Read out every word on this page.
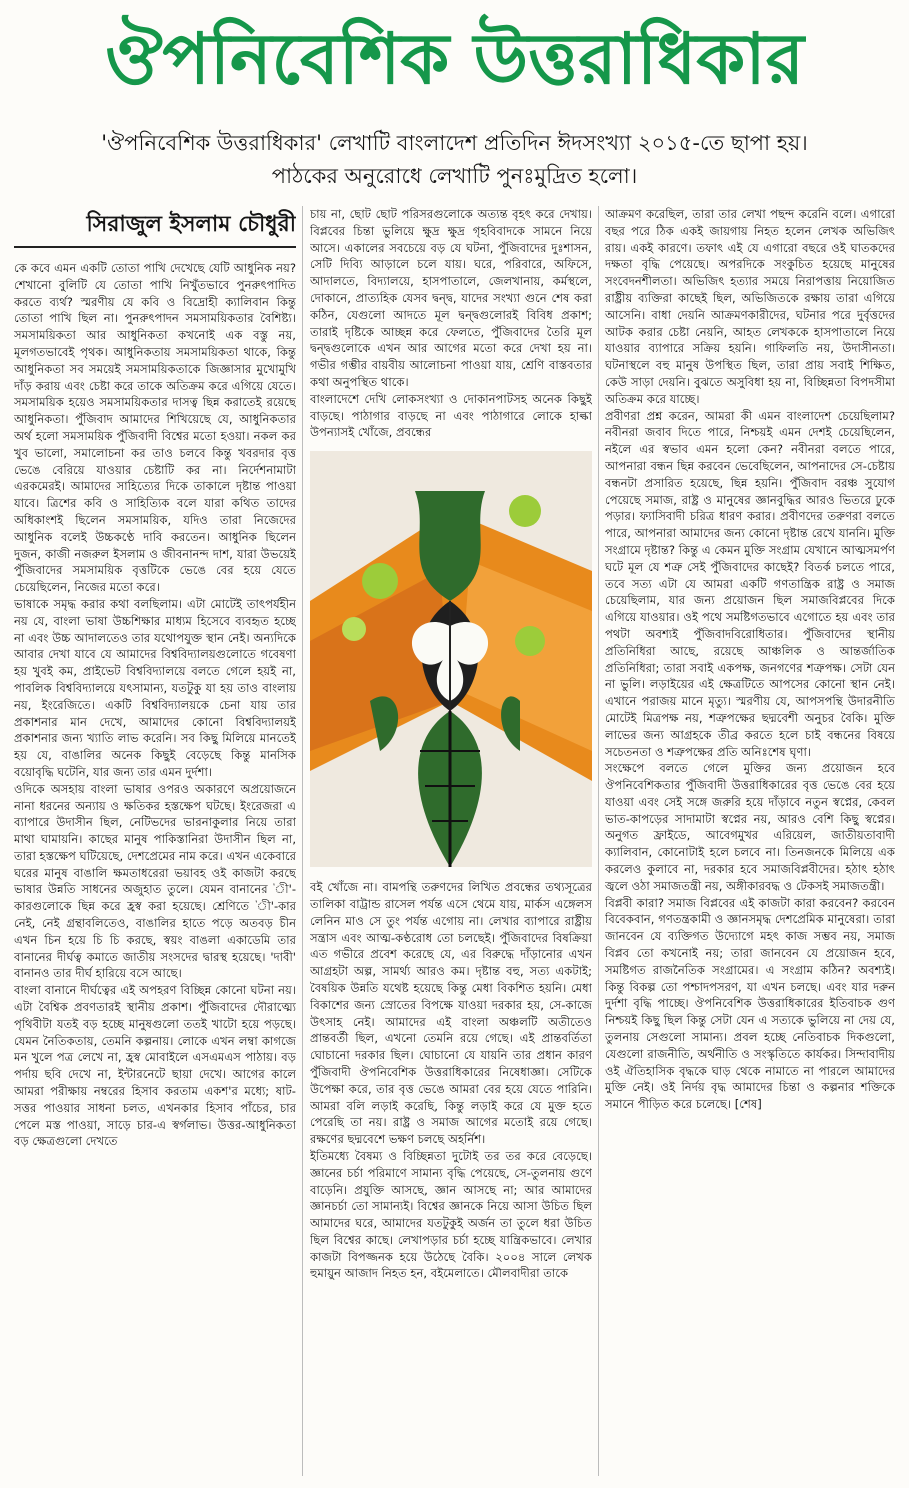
ঔপনিবেশিক উত্তরাধিকার
'ঔপনিবেশিক উত্তরাধিকার' লেখাটি বাংলাদেশ প্রতিদিন ঈদসংখ্যা ২০১৫-তে ছাপা হয়।
পাঠকের অনুরোধে লেখাটি পুনঃমুদ্রিত হলো।
সিরাজুল ইসলাম চৌধুরী

কে কবে এমন একটি তোতা পাখি দেখেছে যেটি আধুনিক নয়? শেখানো বুলিটি যে তোতা পাখি নিখুঁতভাবে পুনরুৎপাদিত করতে ব্যর্থ? স্মরণীয় যে কবি ও বিদ্রোহী ক্যালিবান কিন্তু তোতা পাখি ছিল না। পুনরুৎপাদন সমসাময়িকতার বৈশিষ্ট্য। সমসাময়িকতা আর আধুনিকতা কখনোই এক বস্তু নয়, মূলগতভাবেই পৃথক। আধুনিকতায় সমসাময়িকতা থাকে, কিন্তু আধুনিকতা সব সময়েই সমসাময়িকতাকে জিজ্ঞাসার মুখোমুখি দাঁড় করায় এবং চেষ্টা করে তাকে অতিক্রম করে এগিয়ে যেতে। সমসাময়িক হয়েও সমসাময়িকতার দাসত্ব ছিন্ন করাতেই রয়েছে আধুনিকতা। পুঁজিবাদ আমাদের শিখিয়েছে যে, আধুনিকতার অর্থ হলো সমসাময়িক পুঁজিবাদী বিশ্বের মতো হওয়া। নকল কর খুব ভালো, সমালোচনা কর তাও চলবে কিন্তু খবরদার বৃত্ত ভেঙে বেরিয়ে যাওয়ার চেষ্টাটি কর না। নির্দেশনামাটা এরকমেরই। আমাদের সাহিত্যের দিকে তাকালে দৃষ্টান্ত পাওয়া যাবে। ত্রিশের কবি ও সাহিত্যিক বলে যারা কথিত তাদের অধিকাংশই ছিলেন সমসাময়িক, যদিও তারা নিজেদের আধুনিক বলেই উচ্চকণ্ঠে দাবি করতেন। আধুনিক ছিলেন দুজন, কাজী নজরুল ইসলাম ও জীবনানন্দ দাশ, যারা উভয়েই পুঁজিবাদের সমসাময়িক বৃত্তটিকে ভেঙে বের হয়ে যেতে চেয়েছিলেন, নিজের মতো করে।

ভাষাকে সমৃদ্ধ করার কথা বলছিলাম। এটা মোটেই তাৎপর্যহীন নয় যে, বাংলা ভাষা উচ্চশিক্ষার মাধ্যম হিসেবে ব্যবহৃত হচ্ছে না এবং উচ্চ আদালতেও তার যথোপযুক্ত স্থান নেই। অন্যদিকে আবার দেখা যাবে যে আমাদের বিশ্ববিদ্যালয়গুলোতে গবেষণা হয় খুবই কম, প্রাইভেট বিশ্ববিদ্যালয়ে বলতে গেলে হয়ই না, পাবলিক বিশ্ববিদ্যালয়ে যৎসামান্য, যতটুকু যা হয় তাও বাংলায় নয়, ইংরেজিতে। একটি বিশ্ববিদ্যালয়কে চেনা যায় তার প্রকাশনার মান দেখে, আমাদের কোনো বিশ্ববিদ্যালয়ই প্রকাশনার জন্য খ্যাতি লাভ করেনি। সব কিছু মিলিয়ে মানতেই হয় যে, বাঙালির অনেক কিছুই বেড়েছে কিন্তু মানসিক বয়োবৃদ্ধি ঘটেনি, যার জন্য তার এমন দুর্দশা।

ওদিকে অসহায় বাংলা ভাষার ওপরও অকারণে অপ্রয়োজনে নানা ধরনের অন্যায় ও ক্ষতিকর হস্তক্ষেপ ঘটছে। ইংরেজরা এ ব্যাপারে উদাসীন ছিল, নেটিভদের ভারনাকুলার নিয়ে তারা মাথা ঘামায়নি। কাছের মানুষ পাকিস্তানিরা উদাসীন ছিল না, তারা হস্তক্ষেপ ঘটিয়েছে, দেশপ্রেমের নাম করে। এখন একেবারে ঘরের মানুষ বাঙালি ক্ষমতাধরেরা ভয়াবহ ওই কাজটা করছে ভাষার উন্নতি সাধনের অজুহাত তুলে। যেমন বানানের 'ী'-কারগুলোকে ছিন্ন করে হ্রস্ব করা হয়েছে। শ্রেণিতে 'ী'-কার নেই, নেই গ্রন্থাবলিতেও, বাঙালির হাতে পড়ে অতবড় চীন এখন চিন হয়ে চি চি করছে, স্বয়ং বাঙলা একাডেমি তার বানানের দীর্ঘত্ব কমাতে জাতীয় সংসদের দ্বারস্থ হয়েছে। 'দাবী' বানানও তার দীর্ঘ হারিয়ে বসে আছে।

বাংলা বানানে দীর্ঘত্বের এই অপহরণ বিচ্ছিন্ন কোনো ঘটনা নয়। এটা বৈশ্বিক প্রবণতারই স্থানীয় প্রকাশ। পুঁজিবাদের দৌরাত্ম্যে পৃথিবীটা যতই বড় হচ্ছে মানুষগুলো ততই খাটো হয়ে পড়ছে। যেমন নৈতিকতায়, তেমনি কল্পনায়। লোকে এখন লম্বা কাগজে মন খুলে পত্র লেখে না, হ্রস্ব মোবাইলে এসএমএস পাঠায়। বড় পর্দায় ছবি দেখে না, ইন্টারনেটে ছায়া দেখে। আগের কালে আমরা পরীক্ষায় নম্বরের হিসাব করতাম একশ'র মধ্যে; ষাট-সত্তর পাওয়ার সাধনা চলত, এখনকার হিসাব পাঁচের, চার পেলে মস্ত পাওয়া, সাড়ে চার-এ স্বর্গলাভ। উত্তর-আধুনিকতা বড় ক্ষেত্রগুলো দেখতে

চায় না, ছোট ছোট পরিসরগুলোকে অত্যন্ত বৃহৎ করে দেখায়। বিপ্লবের চিন্তা ভুলিয়ে ক্ষুদ্র ক্ষুদ্র গৃহবিবাদকে সামনে নিয়ে আসে। একালের সবচেয়ে বড় যে ঘটনা, পুঁজিবাদের দুঃশাসন, সেটি দিব্যি আড়ালে চলে যায়। ঘরে, পরিবারে, অফিসে, আদালতে, বিদ্যালয়ে, হাসপাতালে, জেলখানায়, কর্মস্থলে, দোকানে, প্রাত্যহিক যেসব দ্বন্দ্ব, যাদের সংখ্যা গুনে শেষ করা কঠিন, যেগুলো আদতে মূল দ্বন্দ্বগুলোরই বিবিধ প্রকাশ; তারাই দৃষ্টিকে আচ্ছন্ন করে ফেলতে, পুঁজিবাদের তৈরি মূল দ্বন্দ্বগুলোকে এখন আর আগের মতো করে দেখা হয় না। গভীর গম্ভীর বায়বীয় আলোচনা পাওয়া যায়, শ্রেণি বাস্তবতার কথা অনুপস্থিত থাকে।

বাংলাদেশে দেখি লোকসংখ্যা ও দোকানপাটসহ অনেক কিছুই বাড়ছে। পাঠাগার বাড়ছে না এবং পাঠাগারে লোকে হাল্কা উপন্যাসই খোঁজে, প্রবন্ধের

বই খোঁজে না। বামপন্থি তরুণদের লিখিত প্রবন্ধের তথ্যসূত্রের তালিকা বাট্রান্ড রাসেল পর্যন্ত এসে থেমে যায়, মার্কস এঙ্গেলস লেনিন মাও সে তুং পর্যন্ত এগোয় না। লেখার ব্যাপারে রাষ্ট্রীয় সন্ত্রাস এবং আত্ম-কণ্ঠরোধ তো চলছেই। পুঁজিবাদের বিষক্রিয়া এত গভীরে প্রবেশ করেছে যে, এর বিরুদ্ধে দাঁড়ানোর এখন আগ্রহটা অল্প, সামর্থ্য আরও কম। দৃষ্টান্ত বহু, সত্য একটাই; বৈষয়িক উন্নতি যথেষ্ট হয়েছে কিন্তু মেধা বিকশিত হয়নি। মেধা বিকাশের জন্য স্রোতের বিপক্ষে যাওয়া দরকার হয়, সে-কাজে উৎসাহ নেই। আমাদের এই বাংলা অঞ্চলটি অতীতেও প্রান্তবর্তী ছিল, এখনো তেমনি রয়ে গেছে। এই প্রান্তবর্তিতা ঘোচানো দরকার ছিল। ঘোচানো যে যায়নি তার প্রধান কারণ পুঁজিবাদী ঔপনিবেশিক উত্তরাধিকারের নিষেধাজ্ঞা। সেটিকে উপেক্ষা করে, তার বৃত্ত ভেঙে আমরা বের হয়ে যেতে পারিনি। আমরা বলি লড়াই করেছি, কিন্তু লড়াই করে যে মুক্ত হতে পেরেছি তা নয়। রাষ্ট্র ও সমাজ আগের মতোই রয়ে গেছে। রক্ষণের ছদ্মবেশে ভক্ষণ চলছে অহর্নিশ।

ইতিমধ্যে বৈষম্য ও বিচ্ছিন্নতা দুটোই তর তর করে বেড়েছে। জ্ঞানের চর্চা পরিমাণে সামান্য বৃদ্ধি পেয়েছে, সে-তুলনায় গুণে বাড়েনি। প্রযুক্তি আসছে, জ্ঞান আসছে না; আর আমাদের জ্ঞানচর্চা তো সামান্যই। বিশ্বের জ্ঞানকে নিয়ে আসা উচিত ছিল আমাদের ঘরে, আমাদের যতটুকুই অর্জন তা তুলে ধরা উচিত ছিল বিশ্বের কাছে। লেখাপড়ার চর্চা হচ্ছে যান্ত্রিকভাবে। লেখার কাজটা বিপজ্জনক হয়ে উঠেছে বৈকি। ২০০৪ সালে লেখক হুমায়ুন আজাদ নিহত হন, বইমেলাতে। মৌলবাদীরা তাকে

আক্রমণ করেছিল, তারা তার লেখা পছন্দ করেনি বলে। এগারো বছর পরে ঠিক একই জায়গায় নিহত হলেন লেখক অভিজিৎ রায়। একই কারণে। তফাৎ এই যে এগারো বছরে ওই ঘাতকদের দক্ষতা বৃদ্ধি পেয়েছে। অপরদিকে সংকুচিত হয়েছে মানুষের সংবেদনশীলতা। অভিজিৎ হত্যার সময়ে নিরাপত্তায় নিয়োজিত রাষ্ট্রীয় ব্যক্তিরা কাছেই ছিল, অভিজিতকে রক্ষায় তারা এগিয়ে আসেনি। বাধা দেয়নি আক্রমণকারীদের, ঘটনার পরে দুর্বৃত্তদের আটক করার চেষ্টা নেয়নি, আহত লেখককে হাসপাতালে নিয়ে যাওয়ার ব্যাপারে সক্রিয় হয়নি। গাফিলতি নয়, উদাসীনতা। ঘটনাস্থলে বহু মানুষ উপস্থিত ছিল, তারা প্রায় সবাই শিক্ষিত, কেউ সাড়া দেয়নি। বুঝতে অসুবিধা হয় না, বিচ্ছিন্নতা বিপদসীমা অতিক্রম করে যাচ্ছে।

প্রবীণরা প্রশ্ন করেন, আমরা কী এমন বাংলাদেশ চেয়েছিলাম? নবীনরা জবাব দিতে পারে, নিশ্চয়ই এমন দেশই চেয়েছিলেন, নইলে এর স্বভাব এমন হলো কেন? নবীনরা বলতে পারে, আপনারা বন্ধন ছিন্ন করবেন ভেবেছিলেন, আপনাদের সে-চেষ্টায় বন্ধনটা প্রসারিত হয়েছে, ছিন্ন হয়নি। পুঁজিবাদ বরঞ্চ সুযোগ পেয়েছে সমাজ, রাষ্ট্র ও মানুষের জ্ঞানবুদ্ধির আরও ভিতরে ঢুকে পড়ার। ফ্যাসিবাদী চরিত্র ধারণ করার। প্রবীণদের তরুণরা বলতে পারে, আপনারা আমাদের জন্য কোনো দৃষ্টান্ত রেখে যাননি। মুক্তি সংগ্রামে দৃষ্টান্ত? কিন্তু এ কেমন মুক্তি সংগ্রাম যেখানে আত্মসমর্পণ ঘটে মূল যে শত্রু সেই পুঁজিবাদের কাছেই? বিতর্ক চলতে পারে, তবে সত্য এটা যে আমরা একটি গণতান্ত্রিক রাষ্ট্র ও সমাজ চেয়েছিলাম, যার জন্য প্রয়োজন ছিল সমাজবিপ্লবের দিকে এগিয়ে যাওয়ার। ওই পথে সমষ্টিগতভাবে এগোতে হয় এবং তার পথটা অবশ্যই পুঁজিবাদবিরোধিতার। পুঁজিবাদের স্থানীয় প্রতিনিধিরা আছে, রয়েছে আঞ্চলিক ও আন্তর্জাতিক প্রতিনিধিরা; তারা সবাই একপক্ষ, জনগণের শত্রুপক্ষ। সেটা যেন না ভুলি। লড়াইয়ের এই ক্ষেত্রটিতে আপসের কোনো স্থান নেই। এখানে পরাজয় মানে মৃত্যু। স্মরণীয় যে, আপসপন্থি উদারনীতি মোটেই মিত্রপক্ষ নয়, শত্রুপক্ষের ছদ্মবেশী অনুচর বৈকি। মুক্তি লাভের জন্য আগ্রহকে তীব্র করতে হলে চাই বন্ধনের বিষয়ে সচেতনতা ও শত্রুপক্ষের প্রতি অনিঃশেষ ঘৃণা।

সংক্ষেপে বলতে গেলে মুক্তির জন্য প্রয়োজন হবে ঔপনিবেশিকতার পুঁজিবাদী উত্তরাধিকারের বৃত্ত ভেঙে বের হয়ে যাওয়া এবং সেই সঙ্গে জরুরি হয়ে দাঁড়াবে নতুন স্বপ্নের, কেবল ভাত-কাপড়ের সাদামাটা স্বপ্নের নয়, আরও বেশি কিছু স্বপ্নের। অনুগত ফ্রাইডে, আবেগমুখর এরিয়েল, জাতীয়তাবাদী ক্যালিবান, কোনোটাই হলে চলবে না। তিনজনকে মিলিয়ে এক করলেও কুলাবে না, দরকার হবে সমাজবিপ্লবীদের। হঠাৎ হঠাৎ জ্বলে ওঠা সমাজতন্ত্রী নয়, অঙ্গীকারবদ্ধ ও টেকসই সমাজতন্ত্রী।

বিপ্লবী কারা? সমাজ বিপ্লবের এই কাজটা কারা করবেন? করবেন বিবেকবান, গণতন্ত্রকামী ও জ্ঞানসমৃদ্ধ দেশপ্রেমিক মানুষেরা। তারা জানবেন যে ব্যক্তিগত উদ্যোগে মহৎ কাজ সম্ভব নয়, সমাজ বিপ্লব তো কখনোই নয়; তারা জানবেন যে প্রয়োজন হবে, সমষ্টিগত রাজনৈতিক সংগ্রামের। এ সংগ্রাম কঠিন? অবশ্যই। কিন্তু বিকল্প তো পশ্চাদপসরণ, যা এখন চলছে। এবং যার দরুন দুর্দশা বৃদ্ধি পাচ্ছে। ঔপনিবেশিক উত্তরাধিকারের ইতিবাচক গুণ নিশ্চয়ই কিছু ছিল কিন্তু সেটা যেন এ সত্যকে ভুলিয়ে না দেয় যে, তুলনায় সেগুলো সামান্য। প্রবল হচ্ছে নেতিবাচক দিকগুলো, যেগুলো রাজনীতি, অর্থনীতি ও সংস্কৃতিতে কার্যকর। সিন্দাবাদীয় ওই ঐতিহাসিক বৃদ্ধকে ঘাড় থেকে নামাতে না পারলে আমাদের মুক্তি নেই। ওই নির্দয় বৃদ্ধ আমাদের চিন্তা ও কল্পনার শক্তিকে সমানে পীড়িত করে চলেছে। [শেষ]
